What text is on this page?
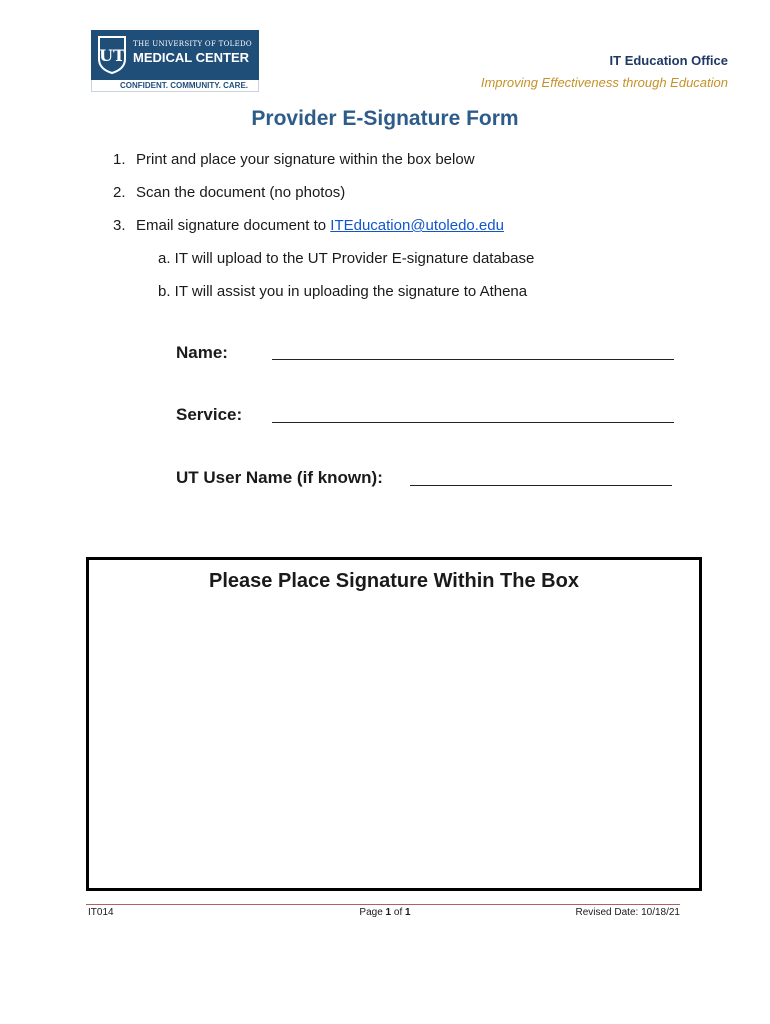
UT
THE UNIVERSITY OF TOLEDO
MEDICAL CENTER
CONFIDENT. COMMUNITY. CARE.
IT Education Office
Improving Effectiveness through Education
Provider E-Signature Form
1. Print and place your signature within the box below
2. Scan the document (no photos)
3. Email signature document to ITEducation@utoledo.edu
a. IT will upload to the UT Provider E-signature database
b. IT will assist you in uploading the signature to Athena
Name:
Service:
UT User Name (if known):
Please Place Signature Within The Box
IT014	Page 1 of 1	Revised Date: 10/18/21
